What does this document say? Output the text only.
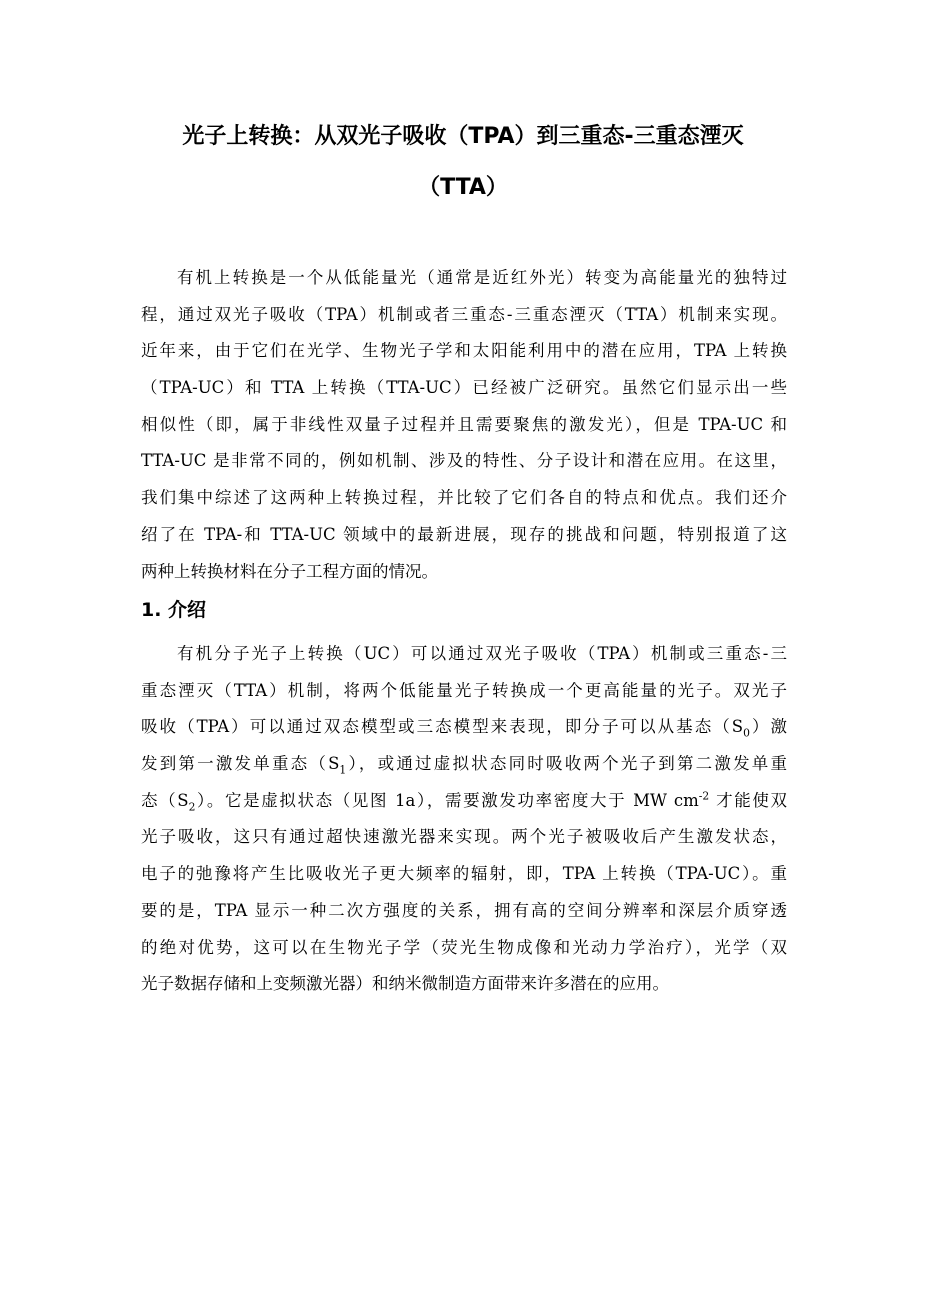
光子上转换：从双光子吸收（TPA）到三重态-三重态湮灭
（TTA）
有机上转换是一个从低能量光（通常是近红外光）转变为高能量光的独特过
程，通过双光子吸收（TPA）机制或者三重态-三重态湮灭（TTA）机制来实现。
近年来，由于它们在光学、生物光子学和太阳能利用中的潜在应用，TPA 上转换
（TPA-UC）和 TTA 上转换（TTA-UC）已经被广泛研究。虽然它们显示出一些
相似性（即，属于非线性双量子过程并且需要聚焦的激发光），但是 TPA-UC 和
TTA-UC 是非常不同的，例如机制、涉及的特性、分子设计和潜在应用。在这里，
我们集中综述了这两种上转换过程，并比较了它们各自的特点和优点。我们还介
绍了在 TPA-和 TTA-UC 领域中的最新进展，现存的挑战和问题，特别报道了这
两种上转换材料在分子工程方面的情况。
1. 介绍
有机分子光子上转换（UC）可以通过双光子吸收（TPA）机制或三重态-三
重态湮灭（TTA）机制，将两个低能量光子转换成一个更高能量的光子。双光子
吸收（TPA）可以通过双态模型或三态模型来表现，即分子可以从基态$(S_0)$激
发到第一激发单重态$(S_1)$，或通过虚拟状态同时吸收两个光子到第二激发单重
态$(S_2)$。它是虚拟状态（见图 1a），需要激发功率密度大于 MW $cm^{-2}$ 才能使双
光子吸收，这只有通过超快速激光器来实现。两个光子被吸收后产生激发状态，
电子的弛豫将产生比吸收光子更大频率的辐射，即，TPA 上转换（TPA-UC）。重
要的是，TPA 显示一种二次方强度的关系，拥有高的空间分辨率和深层介质穿透
的绝对优势，这可以在生物光子学（荧光生物成像和光动力学治疗），光学（双
光子数据存储和上变频激光器）和纳米微制造方面带来许多潜在的应用。
